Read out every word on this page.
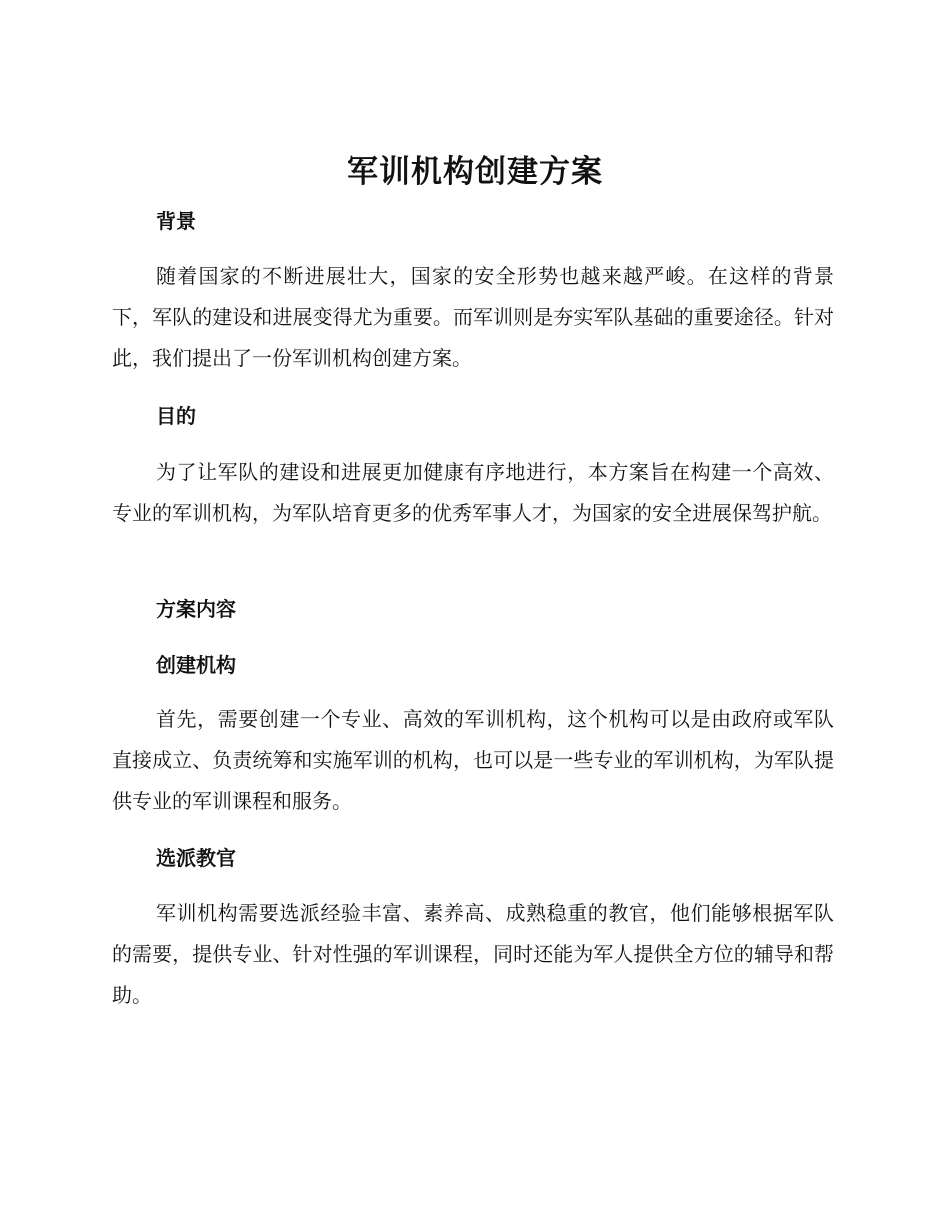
军训机构创建方案
背景

随着国家的不断进展壮大，国家的安全形势也越来越严峻。在这样的背景下，军队的建设和进展变得尤为重要。而军训则是夯实军队基础的重要途径。针对此，我们提出了一份军训机构创建方案。

目的

为了让军队的建设和进展更加健康有序地进行，本方案旨在构建一个高效、专业的军训机构，为军队培育更多的优秀军事人才，为国家的安全进展保驾护航。

方案内容
创建机构

首先，需要创建一个专业、高效的军训机构，这个机构可以是由政府或军队直接成立、负责统筹和实施军训的机构，也可以是一些专业的军训机构，为军队提供专业的军训课程和服务。

选派教官

军训机构需要选派经验丰富、素养高、成熟稳重的教官，他们能够根据军队的需要，提供专业、针对性强的军训课程，同时还能为军人提供全方位的辅导和帮助。
